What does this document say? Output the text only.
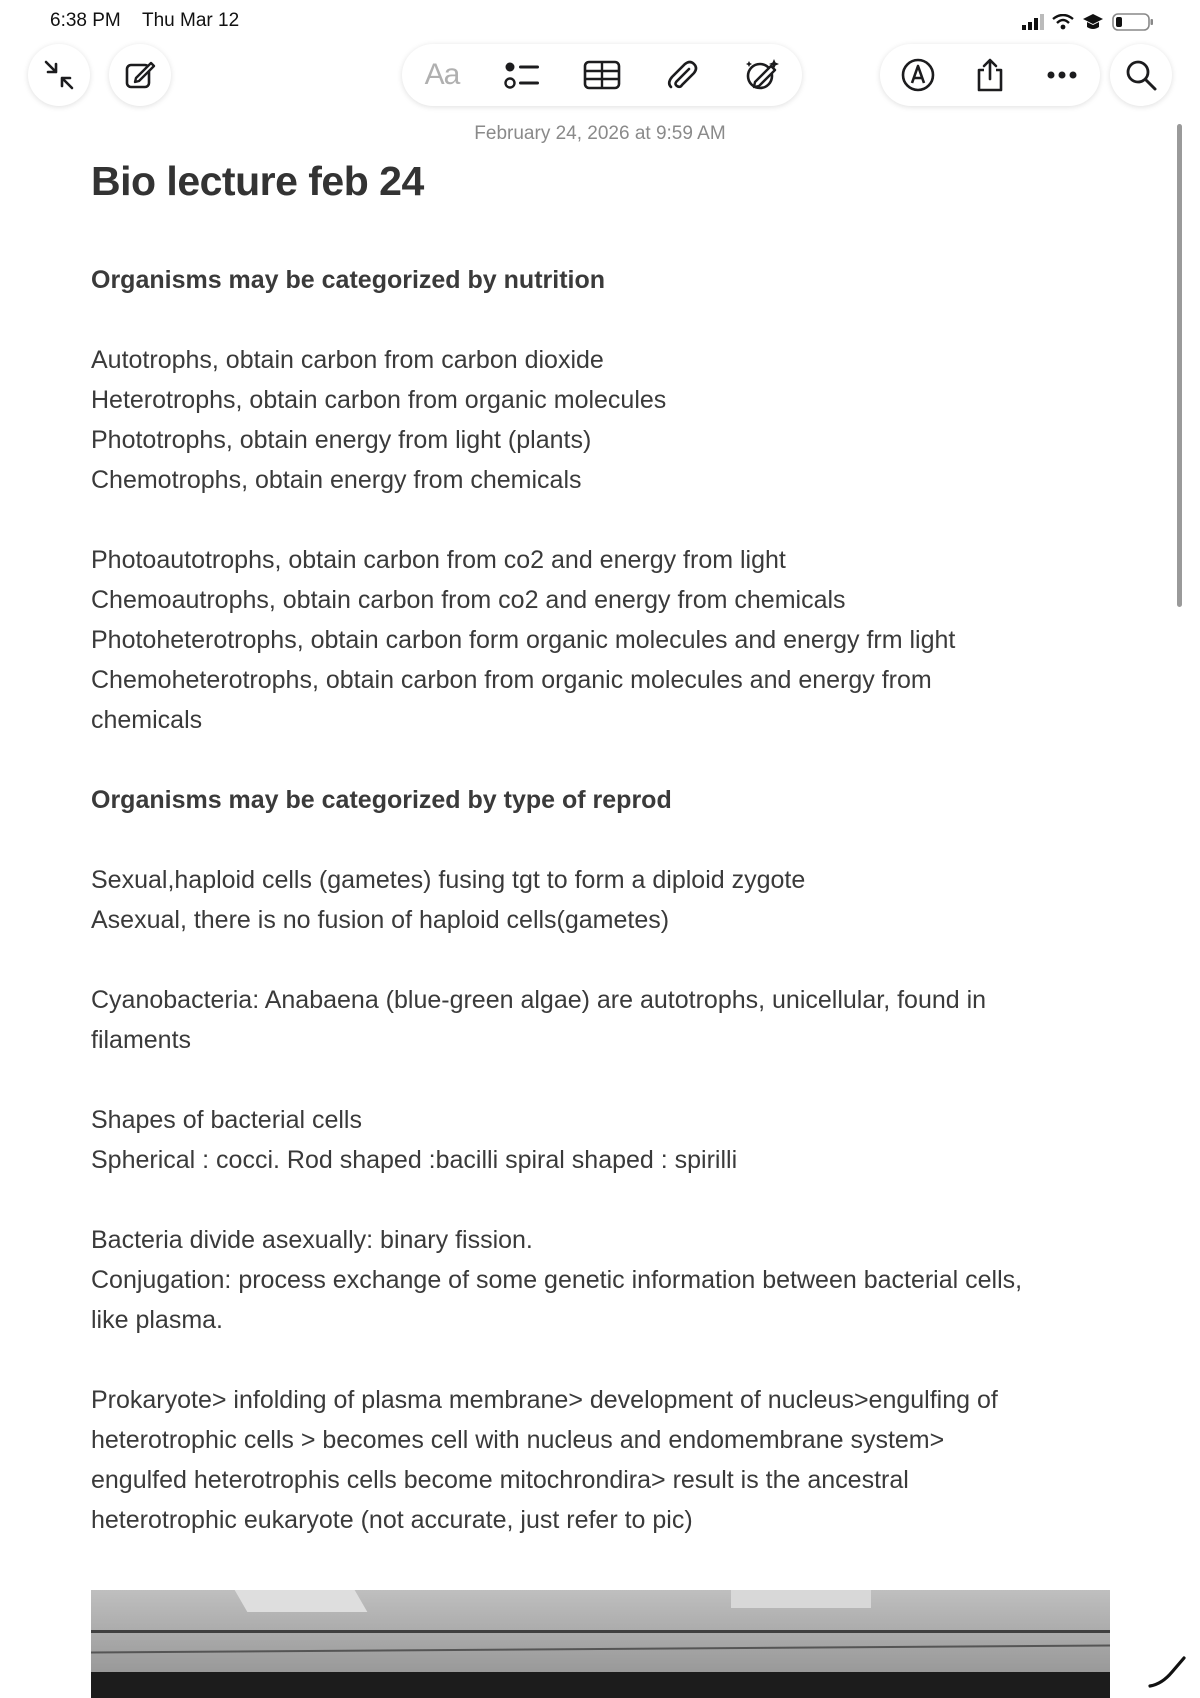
6:38 PM Thu Mar 12
Aa
February 24, 2026 at 9:59 AM
Bio lecture feb 24
Organisms may be categorized by nutrition
Autotrophs, obtain carbon from carbon dioxide
Heterotrophs, obtain carbon from organic molecules
Phototrophs, obtain energy from light (plants)
Chemotrophs, obtain energy from chemicals
Photoautotrophs, obtain carbon from co2 and energy from light
Chemoautrophs, obtain carbon from co2 and energy from chemicals
Photoheterotrophs, obtain carbon form organic molecules and energy frm light
Chemoheterotrophs, obtain carbon from organic molecules and energy from
chemicals
Organisms may be categorized by type of reprod
Sexual,haploid cells (gametes) fusing tgt to form a diploid zygote
Asexual, there is no fusion of haploid cells(gametes)
Cyanobacteria: Anabaena (blue-green algae) are autotrophs, unicellular, found in
filaments
Shapes of bacterial cells
Spherical : cocci. Rod shaped :bacilli spiral shaped : spirilli
Bacteria divide asexually: binary fission.
Conjugation: process exchange of some genetic information between bacterial cells,
like plasma.
Prokaryote> infolding of plasma membrane> development of nucleus>engulfing of
heterotrophic cells > becomes cell with nucleus and endomembrane system>
engulfed heterotrophis cells become mitochrondira> result is the ancestral
heterotrophic eukaryote (not accurate, just refer to pic)
